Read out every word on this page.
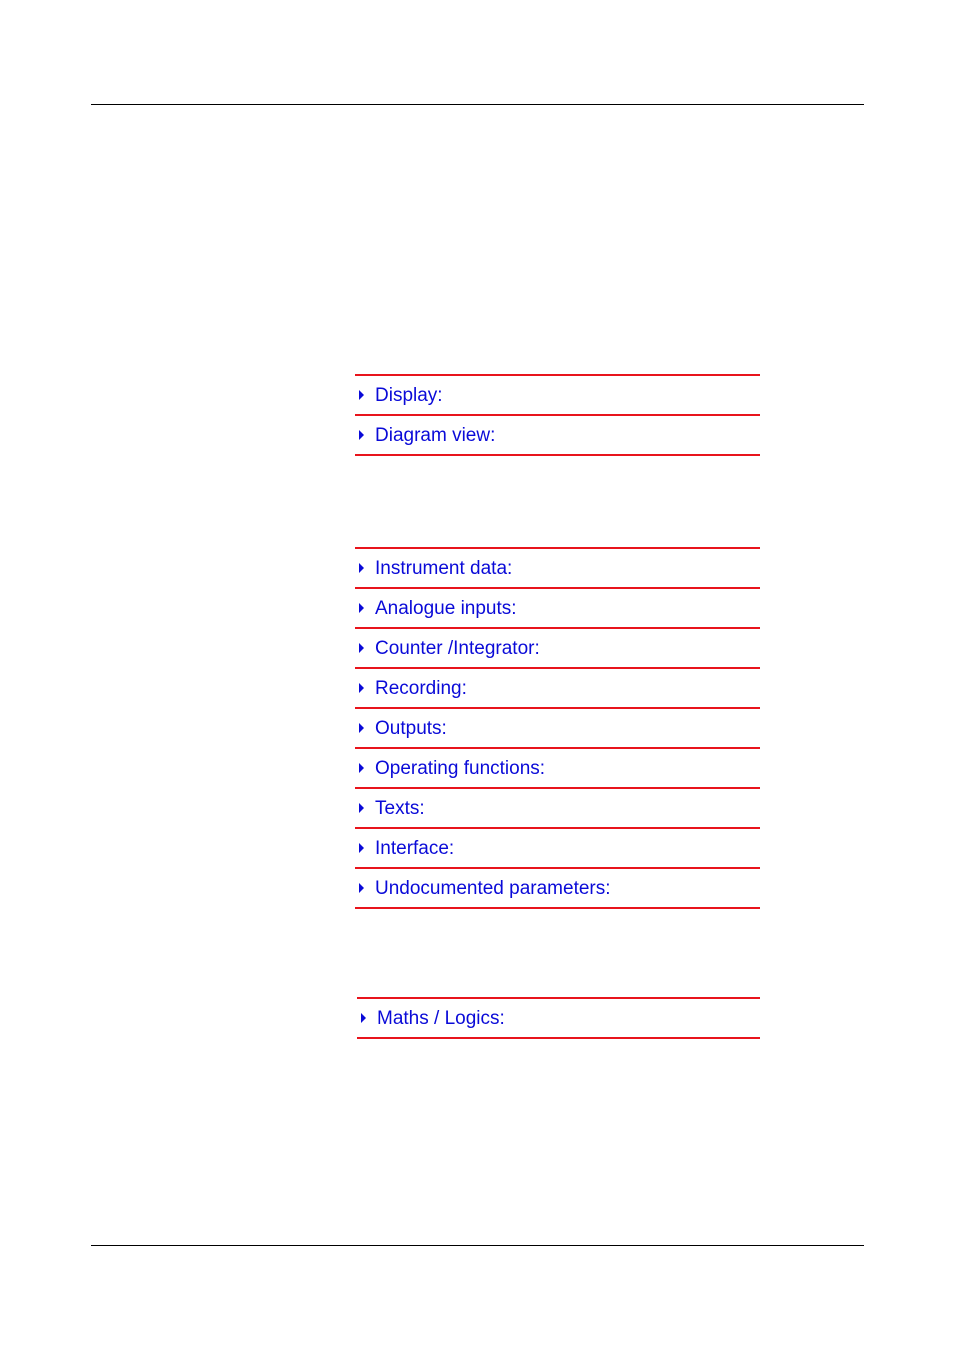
Display:
Diagram view:
Instrument data:
Analogue inputs:
Counter /Integrator:
Recording:
Outputs:
Operating functions:
Texts:
Interface:
Undocumented parameters:
Maths / Logics:
